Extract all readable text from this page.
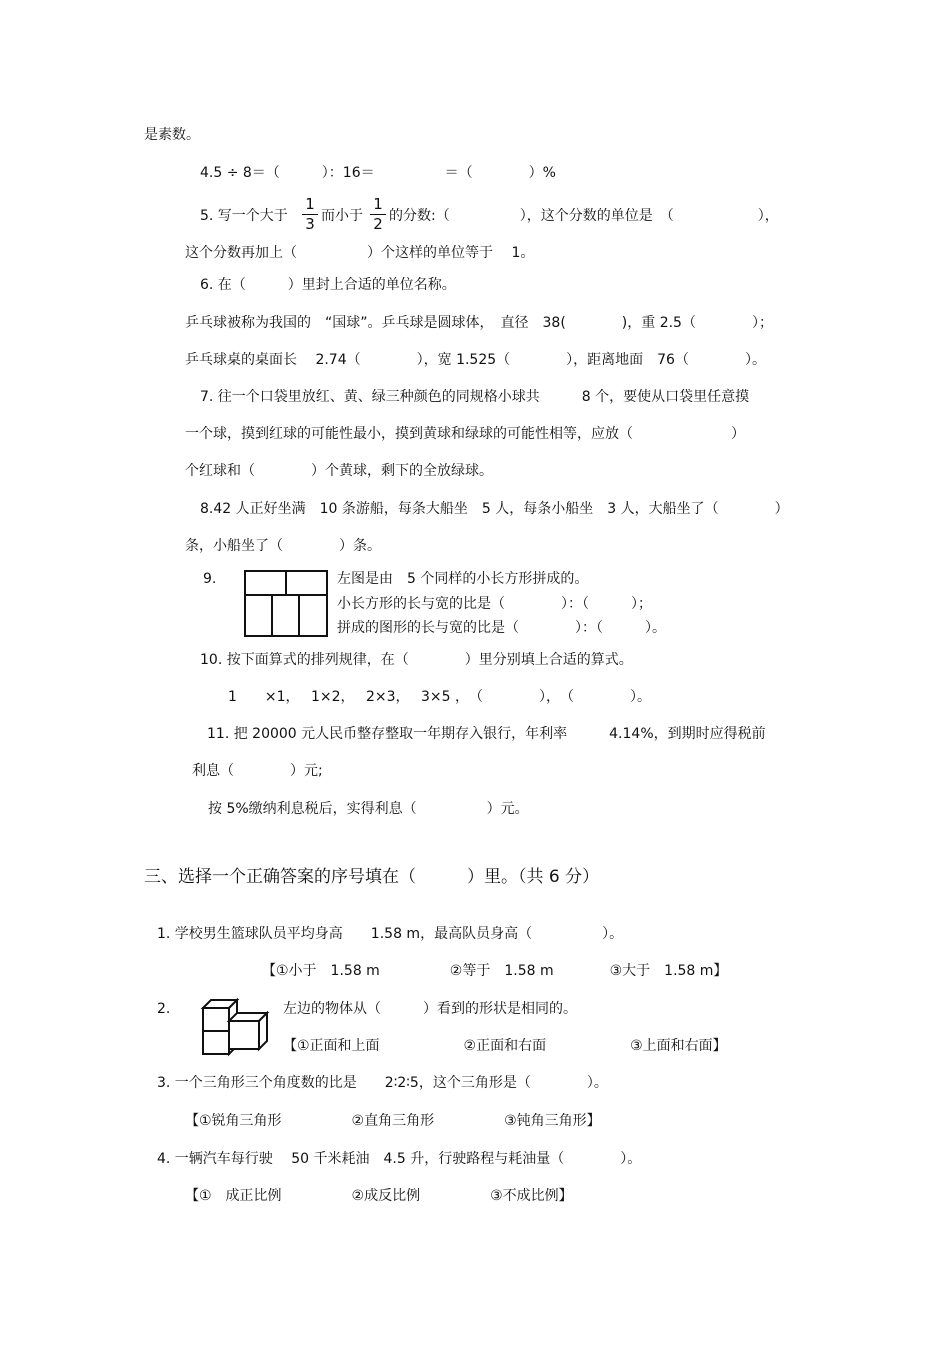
是素数。
4.5 ÷ 8＝（　　　）：16＝　　　　　＝（　　　　）%
5. 写一个大于
1
3 而小于
1
2 的分数:（　　　　　），这个分数的单位是　（　　　　　　），
这个分数再加上（　　　　　）个这样的单位等于　 1。
6. 在（　　　）里封上合适的单位名称。
乒乓球被称为我国的　“国球”。乒乓球是圆球体，　直径　38(　　　　)，重 2.5（　　　　）；
乒乓球桌的桌面长　 2.74（　　　　），宽 1.525（　　　　），距离地面　76（　　　　）。
7. 往一个口袋里放红、黄、绿三种颜色的同规格小球共　　　8 个，要使从口袋里任意摸
一个球，摸到红球的可能性最小，摸到黄球和绿球的可能性相等，应放（　　　　　　　）
个红球和（　　　　）个黄球，剩下的全放绿球。
8.42 人正好坐满　10 条游船，每条大船坐　5 人，每条小船坐　3 人，大船坐了（　　　　）
条，小船坐了（　　　　）条。
9.	左图是由　5 个同样的小长方形拼成的。
小长方形的长与宽的比是（　　　　）：（　　　）；
拼成的图形的长与宽的比是（　　　　）：（　　　）。
10. 按下面算式的排列规律，在（　　　　）里分别填上合适的算式。
1　　×1，　 1×2，　 2×3，　 3×5 ，　（　　　　），　（　　　　）。
11. 把 20000 元人民币整存整取一年期存入银行，年利率　　　4.14%，到期时应得税前
利息（　　　　）元;
按 5%缴纳利息税后，实得利息（　　　　　）元。
三、选择一个正确答案的序号填在（　　　）里。（共 6 分）
1. 学校男生篮球队员平均身高　　1.58 m，最高队员身高（　　　　　）。
【①小于　1.58 m　　　　　②等于　1.58 m　　　　③大于　1.58 m】
2.	左边的物体从（　　　）看到的形状是相同的。
【①正面和上面　　　　　　②正面和右面　　　　　　③上面和右面】
3. 一个三角形三个角度数的比是　　2∶2∶5，这个三角形是（　　　　）。
【①锐角三角形　　　　　②直角三角形　　　　　③钝角三角形】
4. 一辆汽车每行驶　 50 千米耗油　4.5 升，行驶路程与耗油量（　　　　）。
【①　成正比例　　　　　②成反比例　　　　　③不成比例】
